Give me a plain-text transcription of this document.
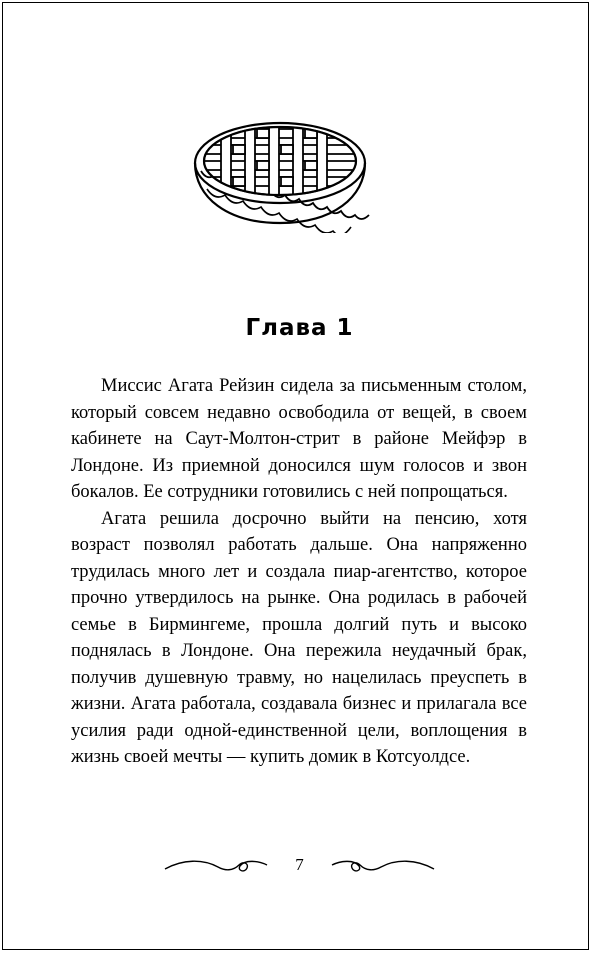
Глава 1

Миссис Агата Рейзин сидела за письменным столом, который совсем недавно освободила от вещей, в своем кабинете на Саут-Молтон-стрит в районе Мейфэр в Лондоне. Из приемной доносился шум голосов и звон бокалов. Ее сотрудники готовились с ней попрощаться.

Агата решила досрочно выйти на пенсию, хотя возраст позволял работать дальше. Она напряженно трудилась много лет и создала пиар-агентство, которое прочно утвердилось на рынке. Она родилась в рабочей семье в Бирмингеме, прошла долгий путь и высоко поднялась в Лондоне. Она пережила неудачный брак, получив душевную травму, но нацелилась преуспеть в жизни. Агата работала, создавала бизнес и прилагала все усилия ради одной-единственной цели, воплощения в жизнь своей мечты — купить домик в Котсуолдсе.

7
